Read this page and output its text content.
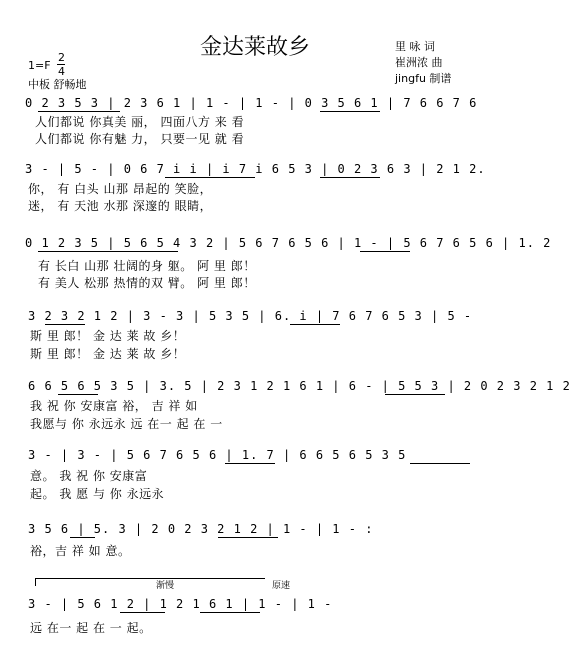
金达莱故乡	里 咏 词
崔洲浓 曲
jingfu 制谱
1=F
2
4
中板 舒畅地
0 2 3 5 3 | 2 3 6 1 | 1 - | 1 - | 0 3 5 6 1 | 7 6 6 7 6
人们都说 你真美 丽， 四面八方 来 看
人们都说 你有魅 力， 只要一见 就 看
3 - | 5 - | 0 6 7 i i | i 7 i 6 5 3 | 0 2 3 6 3 | 2 1 2.
你， 有 白头 山那 昂起的 笑脸，
迷， 有 天池 水那 深邃的 眼睛，
0 1 2 3 5 | 5 6 5 4 3 2 | 5 6 7 6 5 6 | 1 - | 5 6 7 6 5 6 | 1. 2
有 长白 山那 壮阔的身 躯。 阿 里 郎！
有 美人 松那 热情的双 臂。 阿 里 郎！
3 2 3 2 1 2 | 3 - 3 | 5 3 5 | 6. i | 7 6 7 6 5 3 | 5 -
斯 里 郎！ 金 达 莱 故 乡！
斯 里 郎！ 金 达 莱 故 乡！
6 6 5 6 5 3 5 | 3. 5 | 2 3 1 2 1 6 1 | 6 - | 5 5 3 | 2 0 2 3 2 1 2
我 祝 你 安康富 裕， 吉 祥 如
我愿与 你 永远永 远 在一 起 在 一
3 - | 3 - | 5 6 7 6 5 6 | 1. 7 | 6 6 5 6 5 3 5
意。 我 祝 你 安康富
起。 我 愿 与 你 永远永
3 5 6 | 5. 3 | 2 0 2 3 2 1 2 | 1 - | 1 - :
裕，吉 祥 如 意。
渐慢	原速
3 - | 5 6 1 2 | 1 2 1 6 1 | 1 - | 1 -
远 在一 起 在 一 起。
